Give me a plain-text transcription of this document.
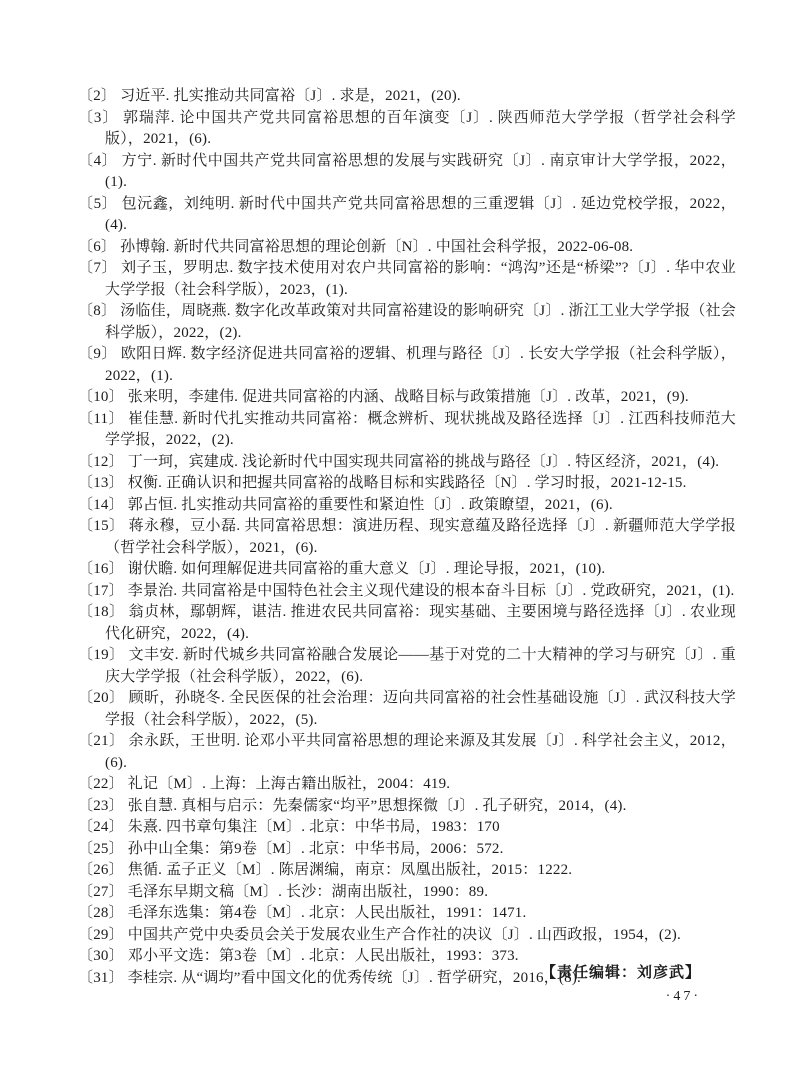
〔2〕 习近平. 扎实推动共同富裕〔J〕. 求是，2021，(20).

〔3〕 郭瑞萍. 论中国共产党共同富裕思想的百年演变〔J〕. 陕西师范大学学报（哲学社会科学版），2021，(6).

〔4〕 方宁. 新时代中国共产党共同富裕思想的发展与实践研究〔J〕. 南京审计大学学报，2022，(1).

〔5〕 包沅鑫，刘纯明. 新时代中国共产党共同富裕思想的三重逻辑〔J〕. 延边党校学报，2022，(4).

〔6〕 孙博翰. 新时代共同富裕思想的理论创新〔N〕. 中国社会科学报，2022-06-08.

〔7〕 刘子玉，罗明忠. 数字技术使用对农户共同富裕的影响：“鸿沟”还是“桥梁”?〔J〕. 华中农业大学学报（社会科学版），2023，(1).

〔8〕 汤临佳，周晓燕. 数字化改革政策对共同富裕建设的影响研究〔J〕. 浙江工业大学学报（社会科学版），2022，(2).

〔9〕 欧阳日辉. 数字经济促进共同富裕的逻辑、机理与路径〔J〕. 长安大学学报（社会科学版），2022，(1).

〔10〕 张来明，李建伟. 促进共同富裕的内涵、战略目标与政策措施〔J〕. 改革，2021，(9).

〔11〕 崔佳慧. 新时代扎实推动共同富裕：概念辨析、现状挑战及路径选择〔J〕. 江西科技师范大学学报，2022，(2).

〔12〕 丁一珂，宾建成. 浅论新时代中国实现共同富裕的挑战与路径〔J〕. 特区经济，2021，(4).

〔13〕 权衡. 正确认识和把握共同富裕的战略目标和实践路径〔N〕. 学习时报，2021-12-15.

〔14〕 郭占恒. 扎实推动共同富裕的重要性和紧迫性〔J〕. 政策瞭望，2021，(6).

〔15〕 蒋永穆，豆小磊. 共同富裕思想：演进历程、现实意蕴及路径选择〔J〕. 新疆师范大学学报（哲学社会科学版），2021，(6).

〔16〕 谢伏瞻. 如何理解促进共同富裕的重大意义〔J〕. 理论导报，2021，(10).

〔17〕 李景治. 共同富裕是中国特色社会主义现代建设的根本奋斗目标〔J〕. 党政研究，2021，(1).

〔18〕 翁贞林，鄢朝辉，谌洁. 推进农民共同富裕：现实基础、主要困境与路径选择〔J〕. 农业现代化研究，2022，(4).

〔19〕 文丰安. 新时代城乡共同富裕融合发展论——基于对党的二十大精神的学习与研究〔J〕. 重庆大学学报（社会科学版），2022，(6).

〔20〕 顾昕，孙晓冬. 全民医保的社会治理：迈向共同富裕的社会性基础设施〔J〕. 武汉科技大学学报（社会科学版），2022，(5).

〔21〕 余永跃，王世明. 论邓小平共同富裕思想的理论来源及其发展〔J〕. 科学社会主义，2012，(6).

〔22〕 礼记〔M〕. 上海：上海古籍出版社，2004：419.

〔23〕 张自慧. 真相与启示：先秦儒家“均平”思想探微〔J〕. 孔子研究，2014，(4).

〔24〕 朱熹. 四书章句集注〔M〕. 北京：中华书局，1983：170

〔25〕 孙中山全集：第9卷〔M〕. 北京：中华书局，2006：572.

〔26〕 焦循. 孟子正义〔M〕. 陈居渊编，南京：凤凰出版社，2015：1222.

〔27〕 毛泽东早期文稿〔M〕. 长沙：湖南出版社，1990：89.

〔28〕 毛泽东选集：第4卷〔M〕. 北京：人民出版社，1991：1471.

〔29〕 中国共产党中央委员会关于发展农业生产合作社的决议〔J〕. 山西政报，1954，(2).

〔30〕 邓小平文选：第3卷〔M〕. 北京：人民出版社，1993：373.

〔31〕 李桂宗. 从“调均”看中国文化的优秀传统〔J〕. 哲学研究，2016，(8).

【责任编辑：刘彦武】
·47·
